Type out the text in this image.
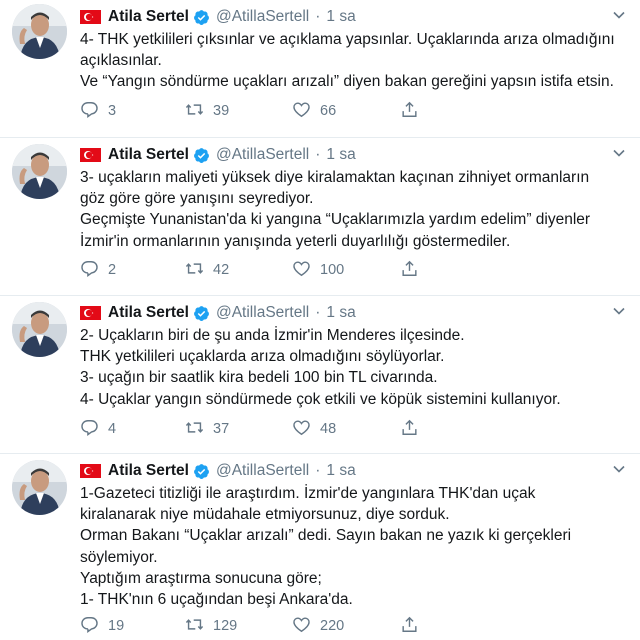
Atila Sertel @AtillaSertell · 1 sa
4- THK yetkilileri çıksınlar ve açıklama yapsınlar. Uçaklarında arıza olmadığını
açıklasınlar.
Ve “Yangın söndürme uçakları arızalı” diyen bakan gereğini yapsın istifa etsin.
3	39	66
Atila Sertel @AtillaSertell · 1 sa
3- uçakların maliyeti yüksek diye kiralamaktan kaçınan zihniyet ormanların
göz göre göre yanışını seyrediyor.
Geçmişte Yunanistan'da ki yangına “Uçaklarımızla yardım edelim” diyenler
İzmir'in ormanlarının yanışında yeterli duyarlılığı göstermediler.
2	42	100
Atila Sertel @AtillaSertell · 1 sa
2- Uçakların biri de şu anda İzmir'in Menderes ilçesinde.
THK yetkilileri uçaklarda arıza olmadığını söylüyorlar.
3- uçağın bir saatlik kira bedeli 100 bin TL civarında.
4- Uçaklar yangın söndürmede çok etkili ve köpük sistemini kullanıyor.
4	37	48
Atila Sertel @AtillaSertell · 1 sa
1-Gazeteci titizliği ile araştırdım. İzmir'de yangınlara THK'dan uçak
kiralanarak niye müdahale etmiyorsunuz, diye sorduk.
Orman Bakanı “Uçaklar arızalı” dedi. Sayın bakan ne yazık ki gerçekleri
söylemiyor.
Yaptığım araştırma sonucuna göre;
1- THK'nın 6 uçağından beşi Ankara'da.
19	129	220
